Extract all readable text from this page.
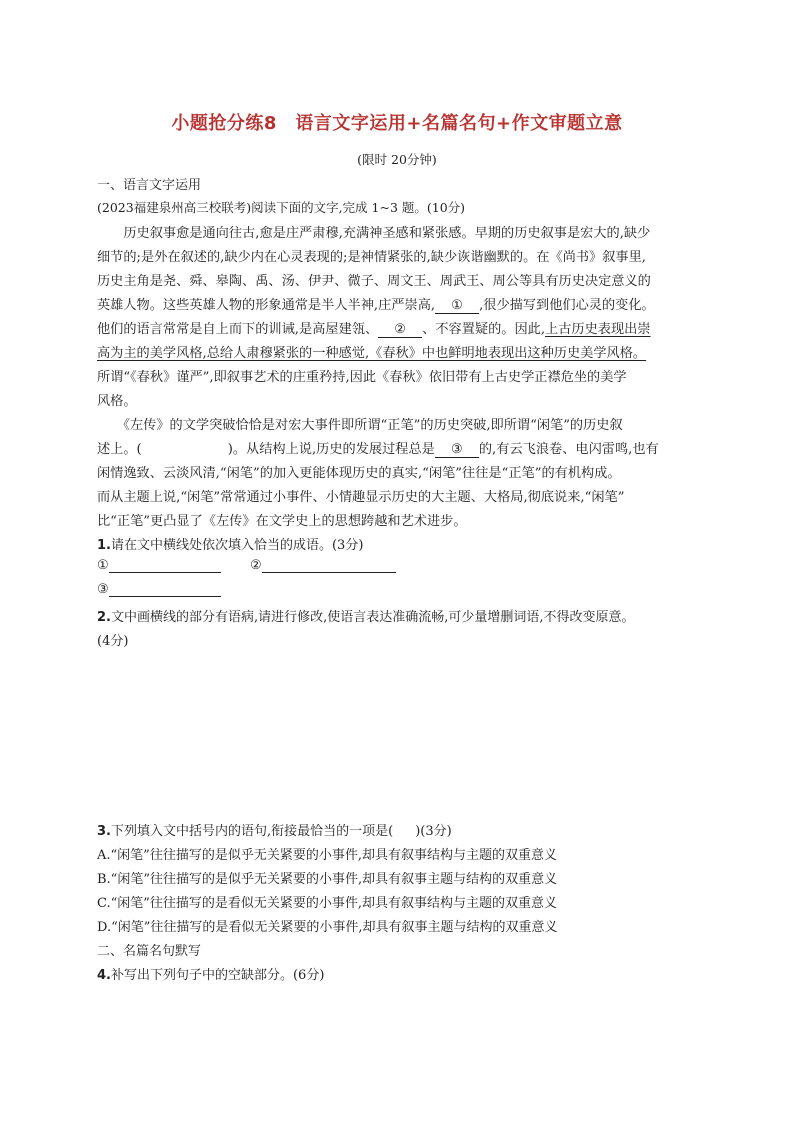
小题抢分练8　语言文字运用+名篇名句+作文审题立意
(限时 20分钟)
一、语言文字运用
(2023福建泉州高三校联考)阅读下面的文字,完成 1~3 题。(10分)
　　历史叙事愈是通向往古,愈是庄严肃穆,充满神圣感和紧张感。早期的历史叙事是宏大的,缺少
细节的;是外在叙述的,缺少内在心灵表现的;是神情紧张的,缺少诙谐幽默的。在《尚书》叙事里,
历史主角是尧、舜、皋陶、禹、汤、伊尹、微子、周文王、周武王、周公等具有历史决定意义的
英雄人物。这些英雄人物的形象通常是半人半神,庄严崇高, ① ,很少描写到他们心灵的变化。
他们的语言常常是自上而下的训诫,是高屋建瓴、 ② 、不容置疑的。因此,上古历史表现出崇
高为主的美学风格,总给人肃穆紧张的一种感觉,《春秋》中也鲜明地表现出这种历史美学风格。
所谓“《春秋》谨严”,即叙事艺术的庄重矜持,因此《春秋》依旧带有上古史学正襟危坐的美学
风格。
　　《左传》的文学突破恰恰是对宏大事件即所谓“正笔”的历史突破,即所谓“闲笔”的历史叙
述上。(	)。从结构上说,历史的发展过程总是 ③ 的,有云飞浪卷、电闪雷鸣,也有
闲情逸致、云淡风清,“闲笔”的加入更能体现历史的真实,“闲笔”往往是“正笔”的有机构成。
而从主题上说,“闲笔”常常通过小事件、小情趣显示历史的大主题、大格局,彻底说来,“闲笔”
比“正笔”更凸显了《左传》在文学史上的思想跨越和艺术进步。
1.请在文中横线处依次填入恰当的成语。(3分)
①	②
③
2.文中画横线的部分有语病,请进行修改,使语言表达准确流畅,可少量增删词语,不得改变原意。
(4分)
3.下列填入文中括号内的语句,衔接最恰当的一项是( )(3分)
A.“闲笔”往往描写的是似乎无关紧要的小事件,却具有叙事结构与主题的双重意义
B.“闲笔”往往描写的是似乎无关紧要的小事件,却具有叙事主题与结构的双重意义
C.“闲笔”往往描写的是看似无关紧要的小事件,却具有叙事结构与主题的双重意义
D.“闲笔”往往描写的是看似无关紧要的小事件,却具有叙事主题与结构的双重意义
二、名篇名句默写
4.补写出下列句子中的空缺部分。(6分)
